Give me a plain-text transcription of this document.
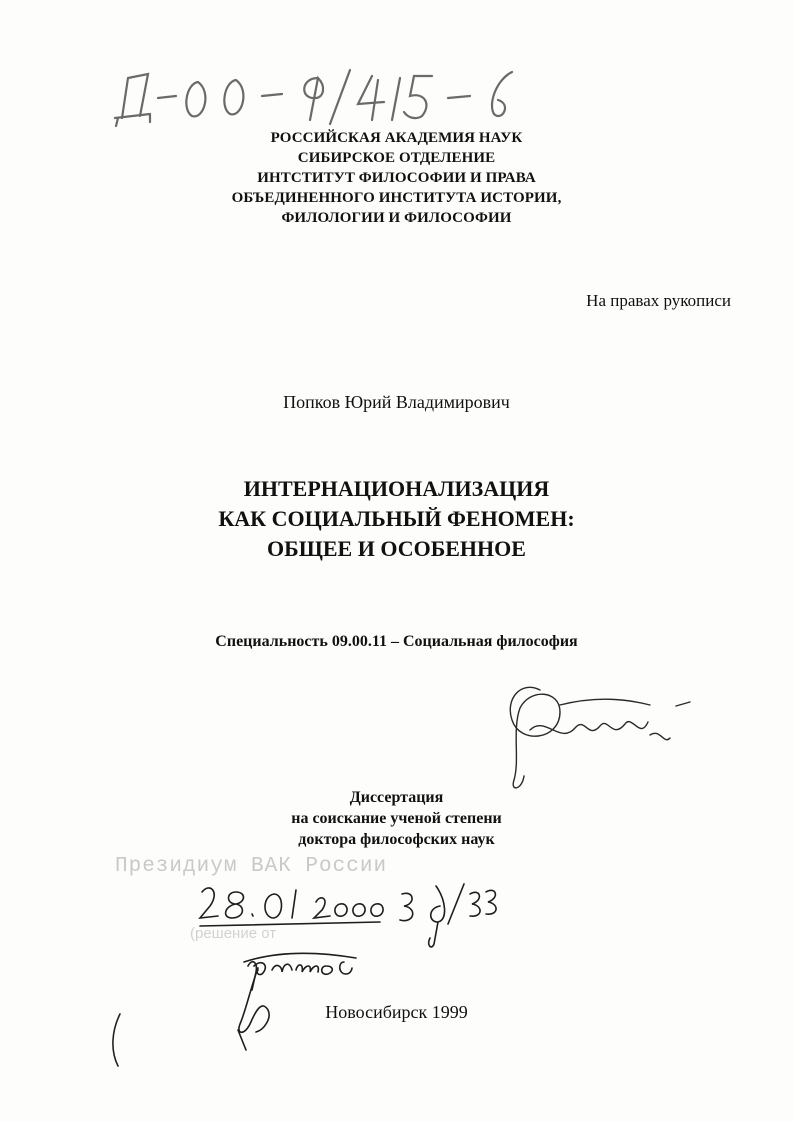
РОССИЙСКАЯ АКАДЕМИЯ НАУК
СИБИРСКОЕ ОТДЕЛЕНИЕ
ИНТСТИТУТ ФИЛОСОФИИ И ПРАВА
ОБЪЕДИНЕННОГО ИНСТИТУТА ИСТОРИИ,
ФИЛОЛОГИИ И ФИЛОСОФИИ
На правах рукописи
Попков Юрий Владимирович
ИНТЕРНАЦИОНАЛИЗАЦИЯ
КАК СОЦИАЛЬНЫЙ ФЕНОМЕН:
ОБЩЕЕ И ОСОБЕННОЕ
Специальность 09.00.11 – Социальная философия
Диссертация
на соискание ученой степени
доктора философских наук
Президиум ВАК России
(решение от
Новосибирск 1999
